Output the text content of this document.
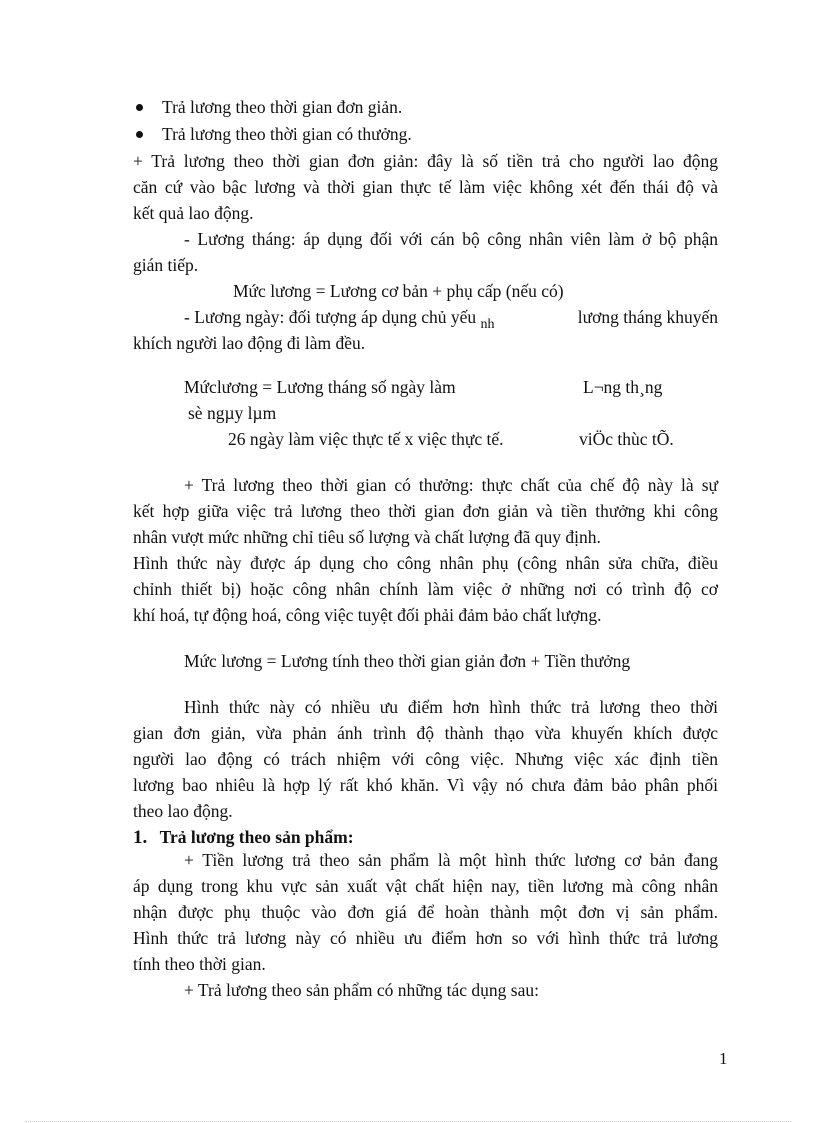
Trả lương theo thời gian đơn giản.
Trả lương theo thời gian có thưởng.
+ Trả lương theo thời gian đơn giản: đây là số tiền trả cho người lao động
căn cứ vào bậc lương và thời gian thực tế làm việc không xét đến thái độ và
kết quả lao động.
- Lương tháng: áp dụng đối với cán bộ công nhân viên làm ở bộ phận
gián tiếp.
Mức lương = Lương cơ bản + phụ cấp (nếu có)
- Lương ngày: đối tượng áp dụng chủ yếu $_{nh}$	lương tháng khuyến
khích người lao động đi làm đều.
Mứclương = Lương tháng số ngày làm	L¬ng th¸ng
sè ngµy lµm
26 ngày làm việc thực tế x việc thực tế.	viÖc thùc tÕ.
+ Trả lương theo thời gian có thưởng: thực chất của chế độ này là sự
kết hợp giữa việc trả lương theo thời gian đơn giản và tiền thưởng khi công
nhân vượt mức những chỉ tiêu số lượng và chất lượng đã quy định.
Hình thức này được áp dụng cho công nhân phụ (công nhân sửa chữa, điều
chỉnh thiết bị) hoặc công nhân chính làm việc ở những nơi có trình độ cơ
khí hoá, tự động hoá, công việc tuyệt đối phải đảm bảo chất lượng.
Mức lương = Lương tính theo thời gian giản đơn + Tiền thưởng
Hình thức này có nhiều ưu điểm hơn hình thức trả lương theo thời
gian đơn giản, vừa phản ánh trình độ thành thạo vừa khuyến khích được
người lao động có trách nhiệm với công việc. Nhưng việc xác định tiền
lương bao nhiêu là hợp lý rất khó khăn. Vì vậy nó chưa đảm bảo phân phối
theo lao động.
1. Trả lương theo sản phẩm:
+ Tiền lương trả theo sản phẩm là một hình thức lương cơ bản đang
áp dụng trong khu vực sản xuất vật chất hiện nay, tiền lương mà công nhân
nhận được phụ thuộc vào đơn giá để hoàn thành một đơn vị sản phẩm.
Hình thức trả lương này có nhiều ưu điểm hơn so với hình thức trả lương
tính theo thời gian.
+ Trả lương theo sản phẩm có những tác dụng sau:
1
